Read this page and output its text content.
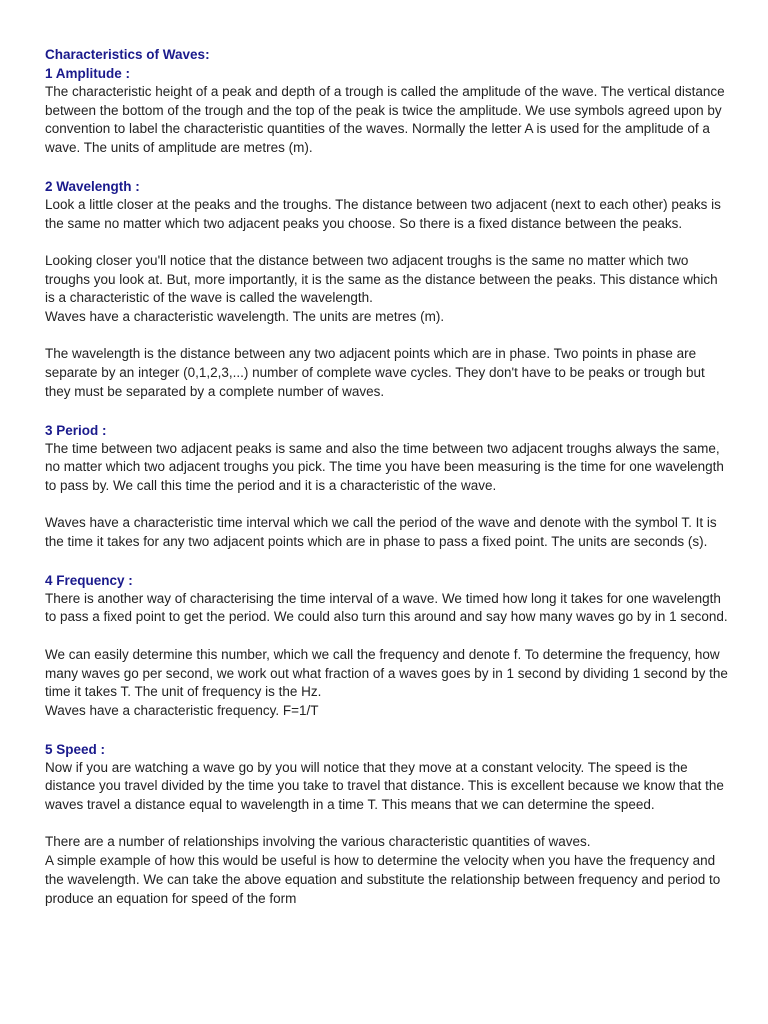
Characteristics of Waves:
1 Amplitude :

The characteristic height of a peak and depth of a trough is called the amplitude of the wave. The vertical distance between the bottom of the trough and the top of the peak is twice the amplitude. We use symbols agreed upon by convention to label the characteristic quantities of the waves. Normally the letter A is used for the amplitude of a wave. The units of amplitude are metres (m).

2 Wavelength :

Look a little closer at the peaks and the troughs. The distance between two adjacent (next to each other) peaks is the same no matter which two adjacent peaks you choose. So there is a fixed distance between the peaks.

Looking closer you'll notice that the distance between two adjacent troughs is the same no matter which two troughs you look at. But, more importantly, it is the same as the distance between the peaks. This distance which is a characteristic of the wave is called the wavelength.

Waves have a characteristic wavelength. The units are metres (m).

The wavelength is the distance between any two adjacent points which are in phase. Two points in phase are separate by an integer (0,1,2,3,...) number of complete wave cycles. They don't have to be peaks or trough but they must be separated by a complete number of waves.

3 Period :

The time between two adjacent peaks is same and also the time between two adjacent troughs always the same, no matter which two adjacent troughs you pick. The time you have been measuring is the time for one wavelength to pass by. We call this time the period and it is a characteristic of the wave.

Waves have a characteristic time interval which we call the period of the wave and denote with the symbol T. It is the time it takes for any two adjacent points which are in phase to pass a fixed point. The units are seconds (s).

4 Frequency :

There is another way of characterising the time interval of a wave. We timed how long it takes for one wavelength to pass a fixed point to get the period. We could also turn this around and say how many waves go by in 1 second.

We can easily determine this number, which we call the frequency and denote f. To determine the frequency, how many waves go per second, we work out what fraction of a waves goes by in 1 second by dividing 1 second by the time it takes T. The unit of frequency is the Hz.

Waves have a characteristic frequency. F=1/T

5 Speed :

Now if you are watching a wave go by you will notice that they move at a constant velocity. The speed is the distance you travel divided by the time you take to travel that distance. This is excellent because we know that the waves travel a distance equal to wavelength in a time T. This means that we can determine the speed.

There are a number of relationships involving the various characteristic quantities of waves.

A simple example of how this would be useful is how to determine the velocity when you have the frequency and the wavelength. We can take the above equation and substitute the relationship between frequency and period to produce an equation for speed of the form
